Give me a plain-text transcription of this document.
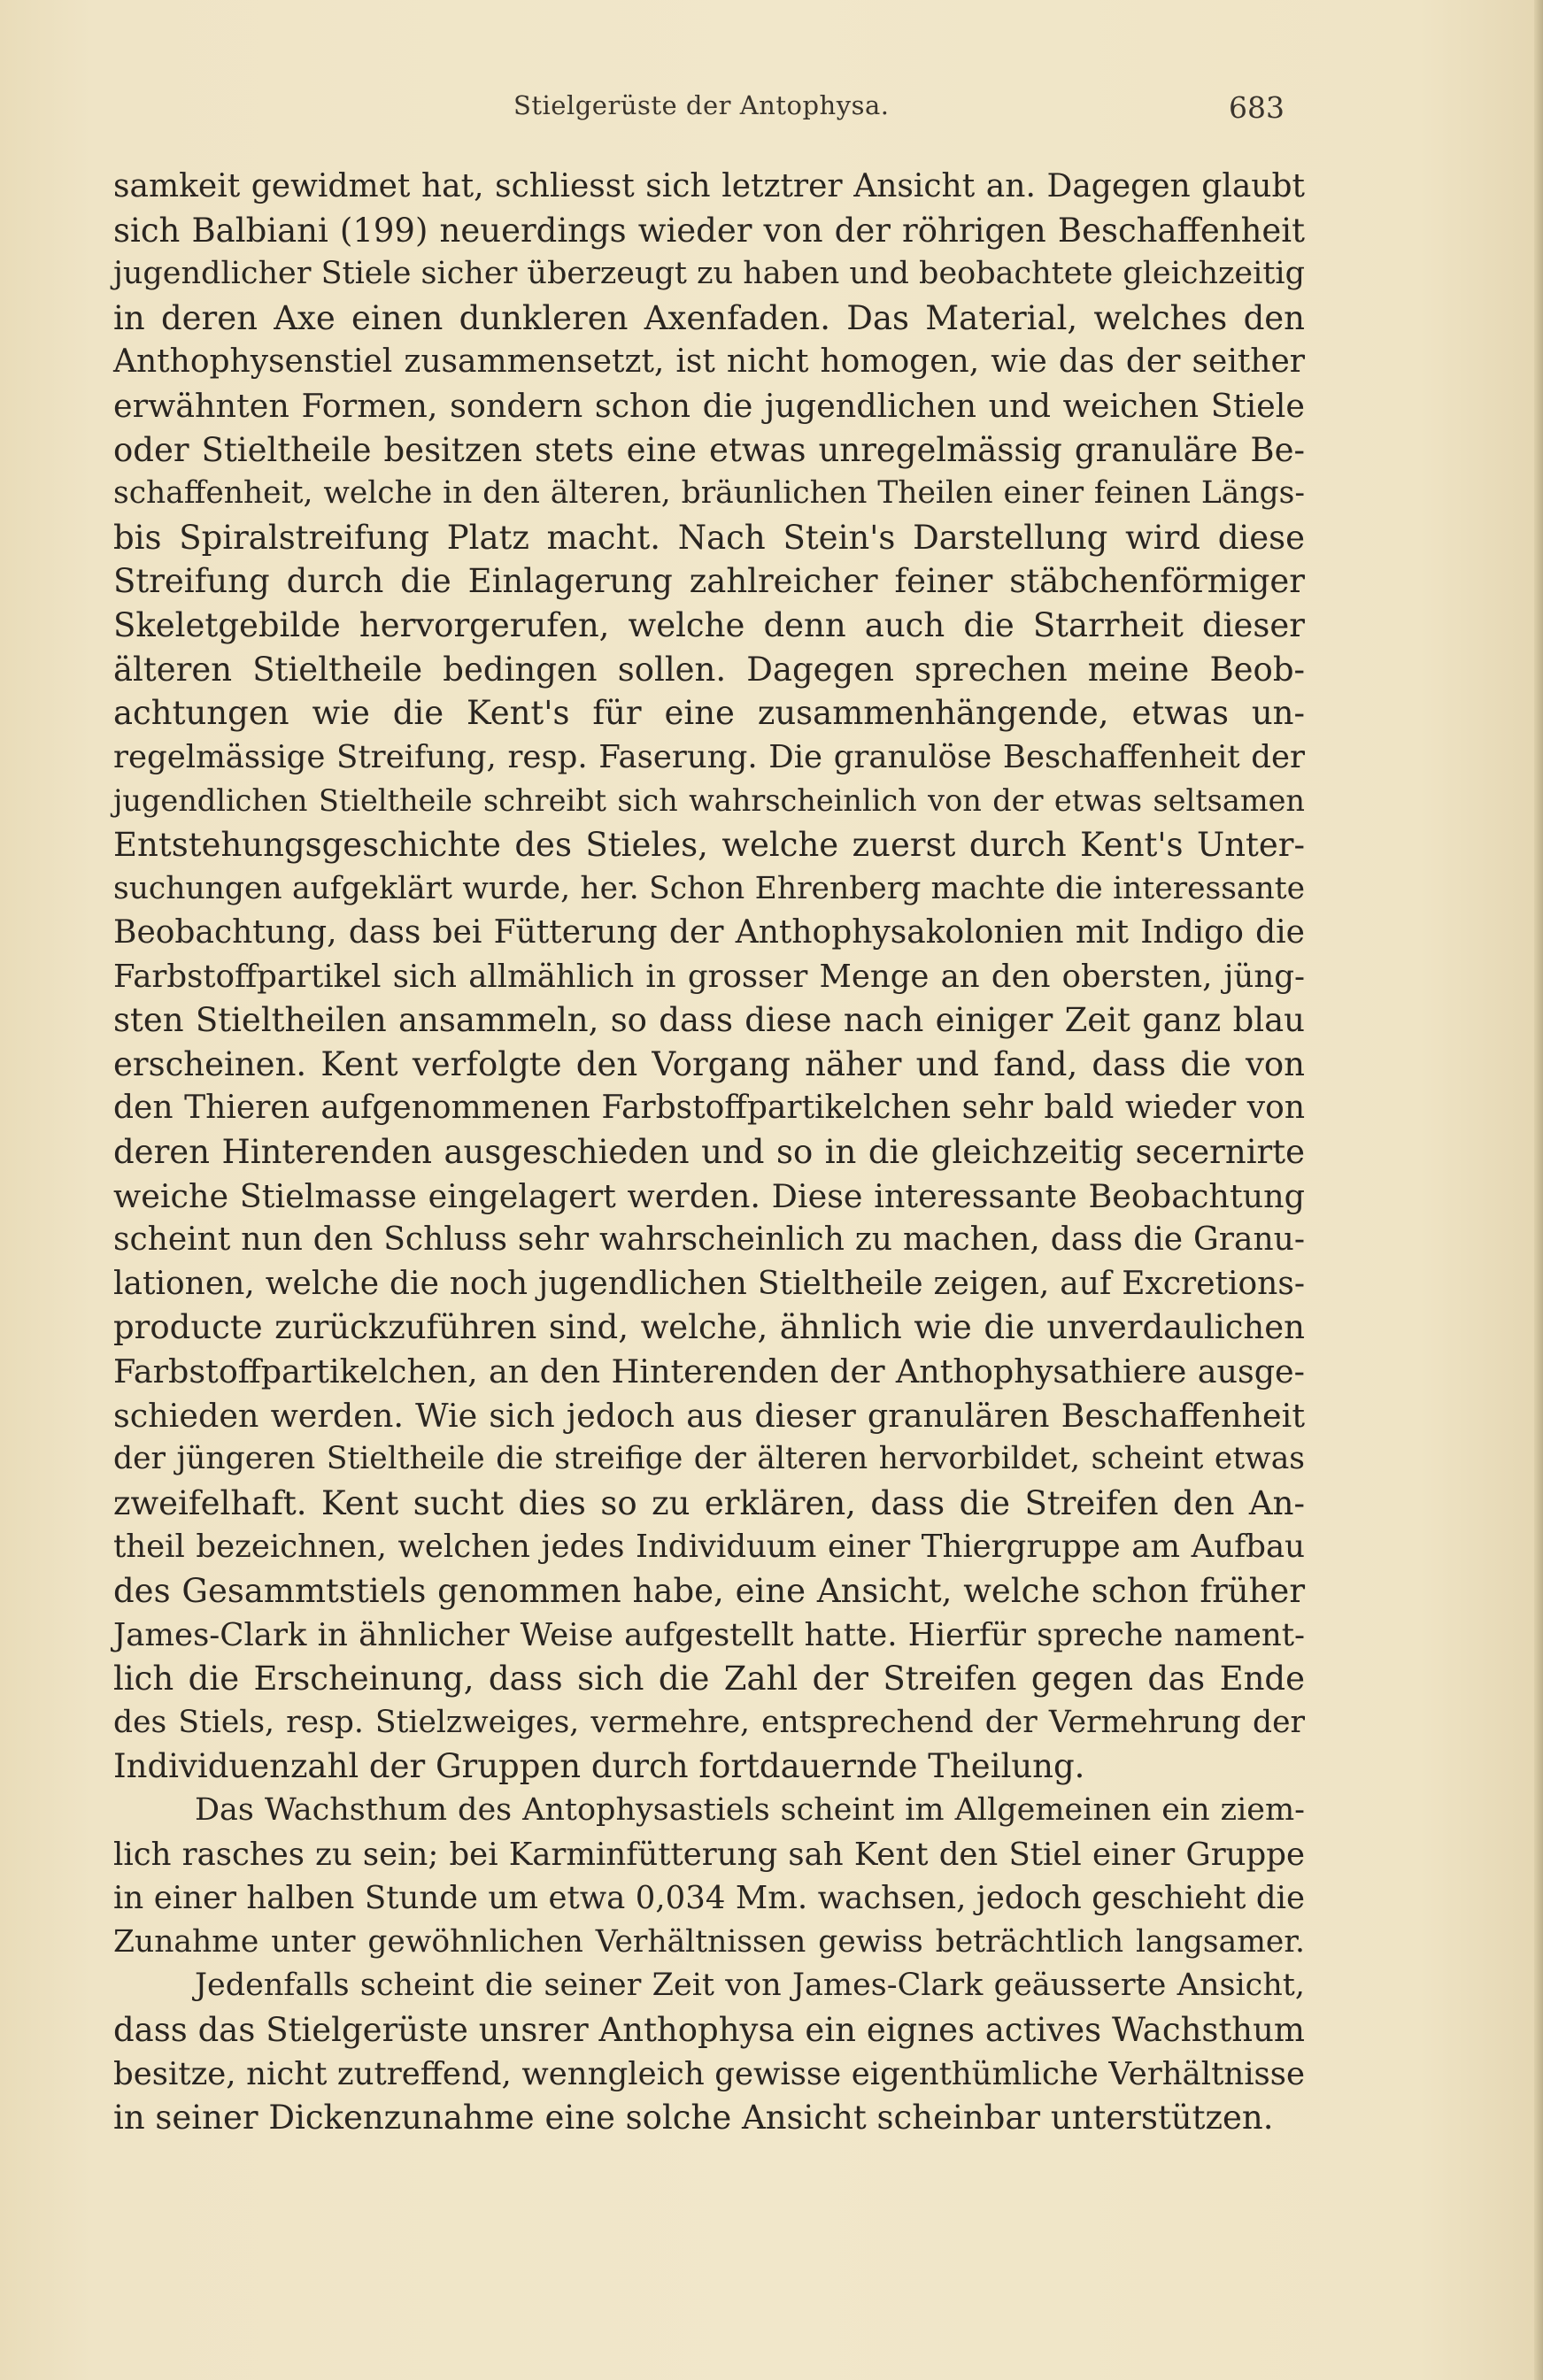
Stielgerüste der Antophysa.	683
samkeit gewidmet hat, schliesst sich letztrer Ansicht an. Dagegen glaubt
sich Balbiani (199) neuerdings wieder von der röhrigen Beschaffenheit
jugendlicher Stiele sicher überzeugt zu haben und beobachtete gleichzeitig
in deren Axe einen dunkleren Axenfaden. Das Material, welches den
Anthophysenstiel zusammensetzt, ist nicht homogen, wie das der seither
erwähnten Formen, sondern schon die jugendlichen und weichen Stiele
oder Stieltheile besitzen stets eine etwas unregelmässig granuläre Be-
schaffenheit, welche in den älteren, bräunlichen Theilen einer feinen Längs-
bis Spiralstreifung Platz macht. Nach Stein's Darstellung wird diese
Streifung durch die Einlagerung zahlreicher feiner stäbchenförmiger
Skeletgebilde hervorgerufen, welche denn auch die Starrheit dieser
älteren Stieltheile bedingen sollen. Dagegen sprechen meine Beob-
achtungen wie die Kent's für eine zusammenhängende, etwas un-
regelmässige Streifung, resp. Faserung. Die granulöse Beschaffenheit der
jugendlichen Stieltheile schreibt sich wahrscheinlich von der etwas seltsamen
Entstehungsgeschichte des Stieles, welche zuerst durch Kent's Unter-
suchungen aufgeklärt wurde, her. Schon Ehrenberg machte die interessante
Beobachtung, dass bei Fütterung der Anthophysakolonien mit Indigo die
Farbstoffpartikel sich allmählich in grosser Menge an den obersten, jüng-
sten Stieltheilen ansammeln, so dass diese nach einiger Zeit ganz blau
erscheinen. Kent verfolgte den Vorgang näher und fand, dass die von
den Thieren aufgenommenen Farbstoffpartikelchen sehr bald wieder von
deren Hinterenden ausgeschieden und so in die gleichzeitig secernirte
weiche Stielmasse eingelagert werden. Diese interessante Beobachtung
scheint nun den Schluss sehr wahrscheinlich zu machen, dass die Granu-
lationen, welche die noch jugendlichen Stieltheile zeigen, auf Excretions-
producte zurückzuführen sind, welche, ähnlich wie die unverdaulichen
Farbstoffpartikelchen, an den Hinterenden der Anthophysathiere ausge-
schieden werden. Wie sich jedoch aus dieser granulären Beschaffenheit
der jüngeren Stieltheile die streifige der älteren hervorbildet, scheint etwas
zweifelhaft. Kent sucht dies so zu erklären, dass die Streifen den An-
theil bezeichnen, welchen jedes Individuum einer Thiergruppe am Aufbau
des Gesammtstiels genommen habe, eine Ansicht, welche schon früher
James-Clark in ähnlicher Weise aufgestellt hatte. Hierfür spreche nament-
lich die Erscheinung, dass sich die Zahl der Streifen gegen das Ende
des Stiels, resp. Stielzweiges, vermehre, entsprechend der Vermehrung der
Individuenzahl der Gruppen durch fortdauernde Theilung.
Das Wachsthum des Antophysastiels scheint im Allgemeinen ein ziem-
lich rasches zu sein; bei Karminfütterung sah Kent den Stiel einer Gruppe
in einer halben Stunde um etwa 0,034 Mm. wachsen, jedoch geschieht die
Zunahme unter gewöhnlichen Verhältnissen gewiss beträchtlich langsamer.
Jedenfalls scheint die seiner Zeit von James-Clark geäusserte Ansicht,
dass das Stielgerüste unsrer Anthophysa ein eignes actives Wachsthum
besitze, nicht zutreffend, wenngleich gewisse eigenthümliche Verhältnisse
in seiner Dickenzunahme eine solche Ansicht scheinbar unterstützen.
